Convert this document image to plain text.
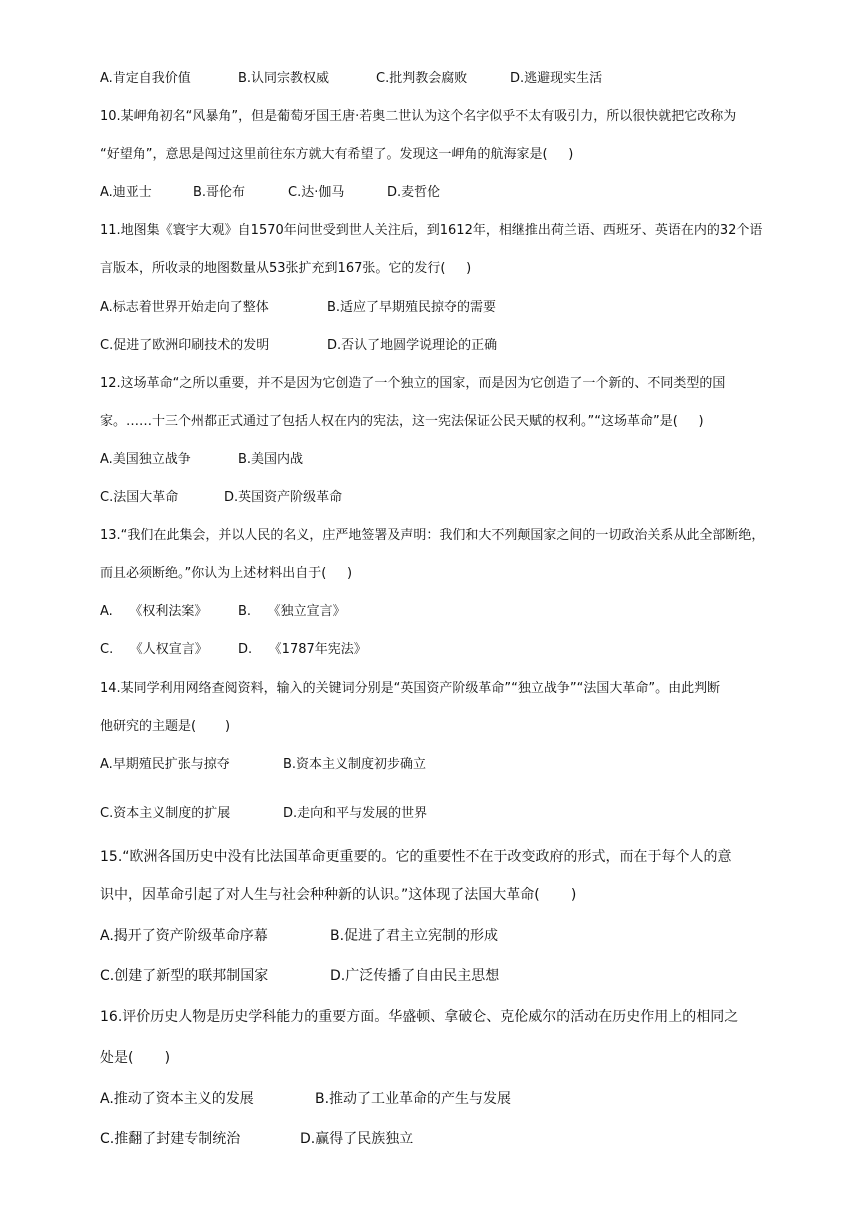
A.肯定自我价值	B.认同宗教权威	C.批判教会腐败	D.逃避现实生活
10.某岬角初名“风暴角”，但是葡萄牙国王唐·若奥二世认为这个名字似乎不太有吸引力，所以很快就把它改称为
“好望角”，意思是闯过这里前往东方就大有希望了。发现这一岬角的航海家是(     )
A.迪亚士	B.哥伦布	C.达·伽马	D.麦哲伦
11.地图集《寰宇大观》自1570年问世受到世人关注后，到1612年，相继推出荷兰语、西班牙、英语在内的32个语
言版本，所收录的地图数量从53张扩充到167张。它的发行(     )
A.标志着世界开始走向了整体	B.适应了早期殖民掠夺的需要
C.促进了欧洲印刷技术的发明	D.否认了地圆学说理论的正确
12.这场革命“之所以重要，并不是因为它创造了一个独立的国家，而是因为它创造了一个新的、不同类型的国
家。……十三个州都正式通过了包括人权在内的宪法，这一宪法保证公民天赋的权利。”“这场革命”是(     )
A.美国独立战争	B.美国内战
C.法国大革命	D.英国资产阶级革命
13.“我们在此集会，并以人民的名义，庄严地签署及声明：我们和大不列颠国家之间的一切政治关系从此全部断绝，
而且必须断绝。”你认为上述材料出自于(     )
A.    《权利法案》 B.    《独立宣言》
C.    《人权宣言》 D.    《1787年宪法》
14.某同学利用网络查阅资料，输入的关键词分别是“英国资产阶级革命”“独立战争”“法国大革命”。由此判断
他研究的主题是(       )
A.早期殖民扩张与掠夺	B.资本主义制度初步确立
C.资本主义制度的扩展	D.走向和平与发展的世界
15.“欧洲各国历史中没有比法国革命更重要的。它的重要性不在于改变政府的形式，而在于每个人的意
识中，因革命引起了对人生与社会种种新的认识。”这体现了法国大革命(       )
A.揭开了资产阶级革命序幕	B.促进了君主立宪制的形成
C.创建了新型的联邦制国家	D.广泛传播了自由民主思想
16.评价历史人物是历史学科能力的重要方面。华盛顿、拿破仑、克伦威尔的活动在历史作用上的相同之
处是(       )
A.推动了资本主义的发展	B.推动了工业革命的产生与发展
C.推翻了封建专制统治	D.赢得了民族独立
